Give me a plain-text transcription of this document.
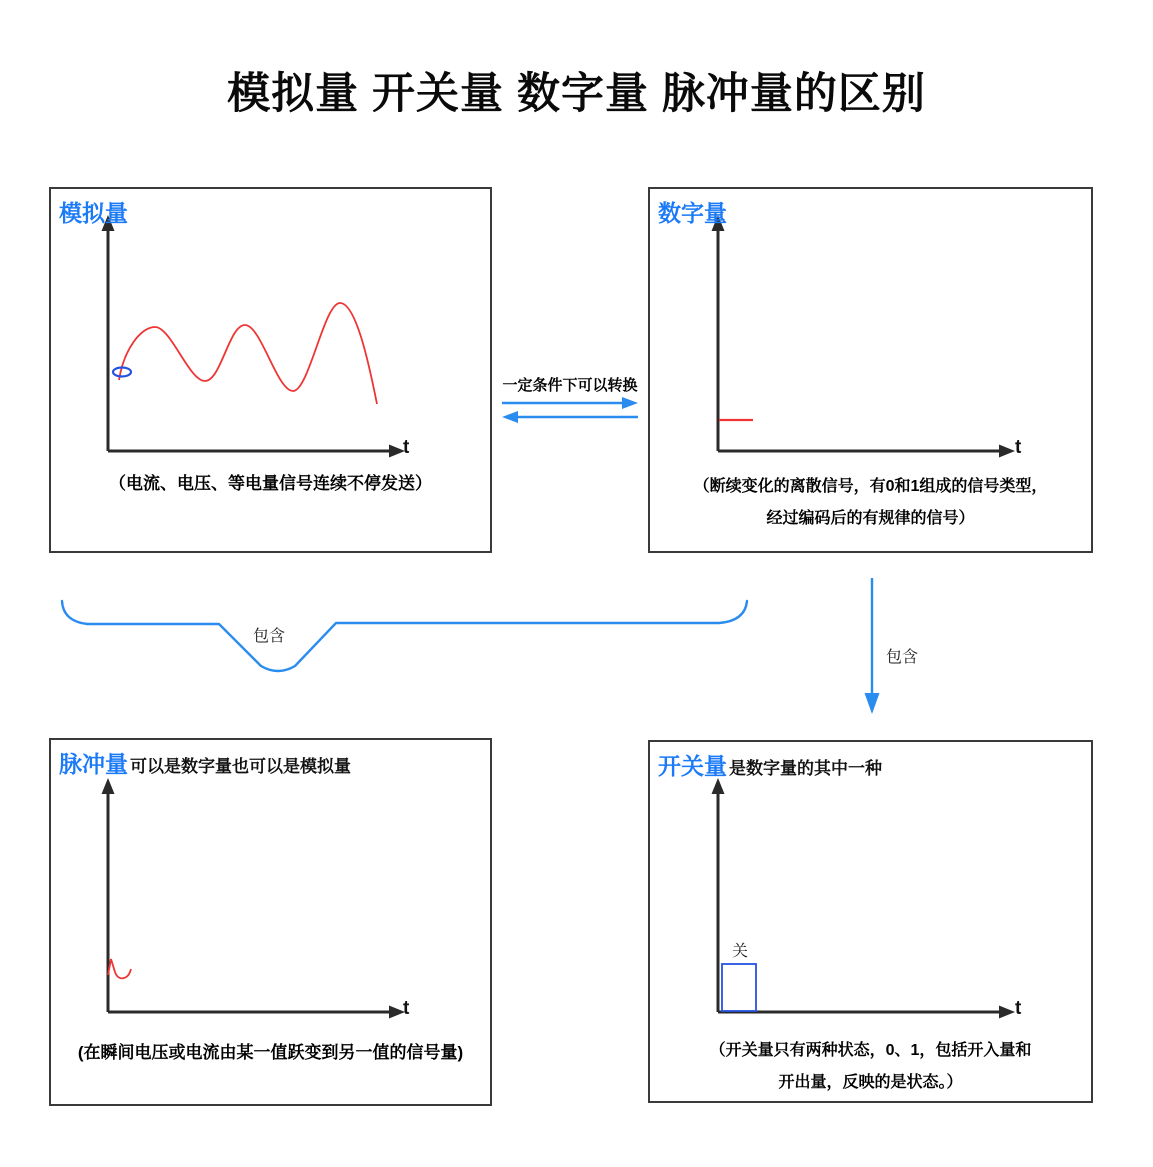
模拟量 开关量 数字量 脉冲量的区别
模拟量
t
（电流、电压、等电量信号连续不停发送）
数字量
t
（断续变化的离散信号，有0和1组成的信号类型，
经过编码后的有规律的信号）
一定条件下可以转换
包含
包含
脉冲量 可以是数字量也可以是模拟量
t
(在瞬间电压或电流由某一值跃变到另一值的信号量)
开关量 是数字量的其中一种
关
t
（开关量只有两种状态，0、1，包括开入量和
开出量，反映的是状态。）
